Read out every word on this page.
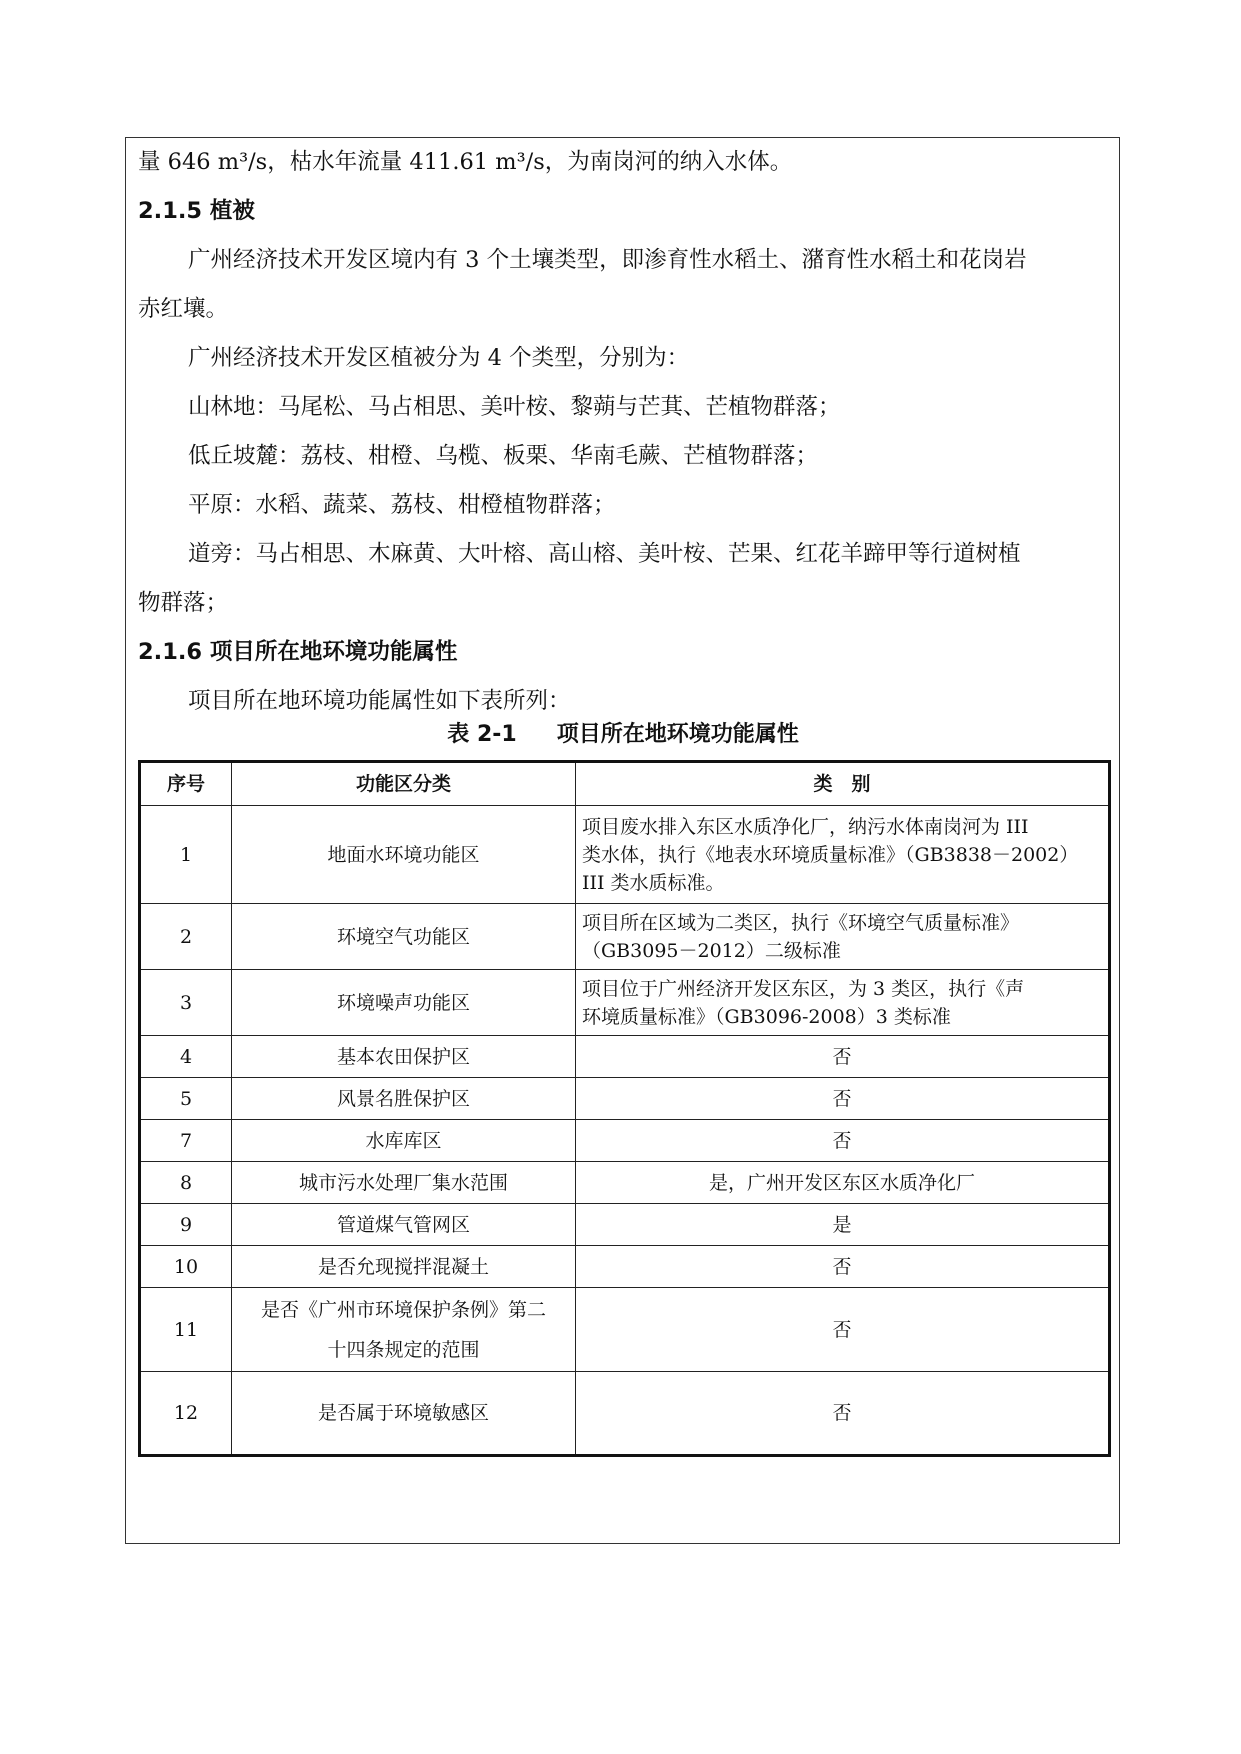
量 646 m³/s，枯水年流量 411.61 m³/s，为南岗河的纳入水体。

2.1.5 植被

广州经济技术开发区境内有 3 个土壤类型，即渗育性水稻土、潴育性水稻土和花岗岩

赤红壤。

广州经济技术开发区植被分为 4 个类型，分别为：

山林地：马尾松、马占相思、美叶桉、黎蒴与芒萁、芒植物群落；

低丘坡麓：荔枝、柑橙、乌榄、板栗、华南毛蕨、芒植物群落；

平原：水稻、蔬菜、荔枝、柑橙植物群落；

道旁：马占相思、木麻黄、大叶榕、高山榕、美叶桉、芒果、红花羊蹄甲等行道树植

物群落；

2.1.6 项目所在地环境功能属性

项目所在地环境功能属性如下表所列：

表 2-1 项目所在地环境功能属性
序号	功能区分类	类　别
1	地面水环境功能区	项目废水排入东区水质净化厂，纳污水体南岗河为 III
类水体，执行《地表水环境质量标准》（GB3838－2002）
III 类水质标准。

2	环境空气功能区	项目所在区域为二类区，执行《环境空气质量标准》
（GB3095－2012）二级标准

3	环境噪声功能区	项目位于广州经济开发区东区，为 3 类区，执行《声
环境质量标准》（GB3096-2008）3 类标准

4	基本农田保护区	否
5	风景名胜保护区	否
7	水库库区	否
8	城市污水处理厂集水范围	是，广州开发区东区水质净化厂
9	管道煤气管网区	是
10	是否允现搅拌混凝土	否
11	是否《广州市环境保护条例》第二
十四条规定的范围	否
12	是否属于环境敏感区	否
